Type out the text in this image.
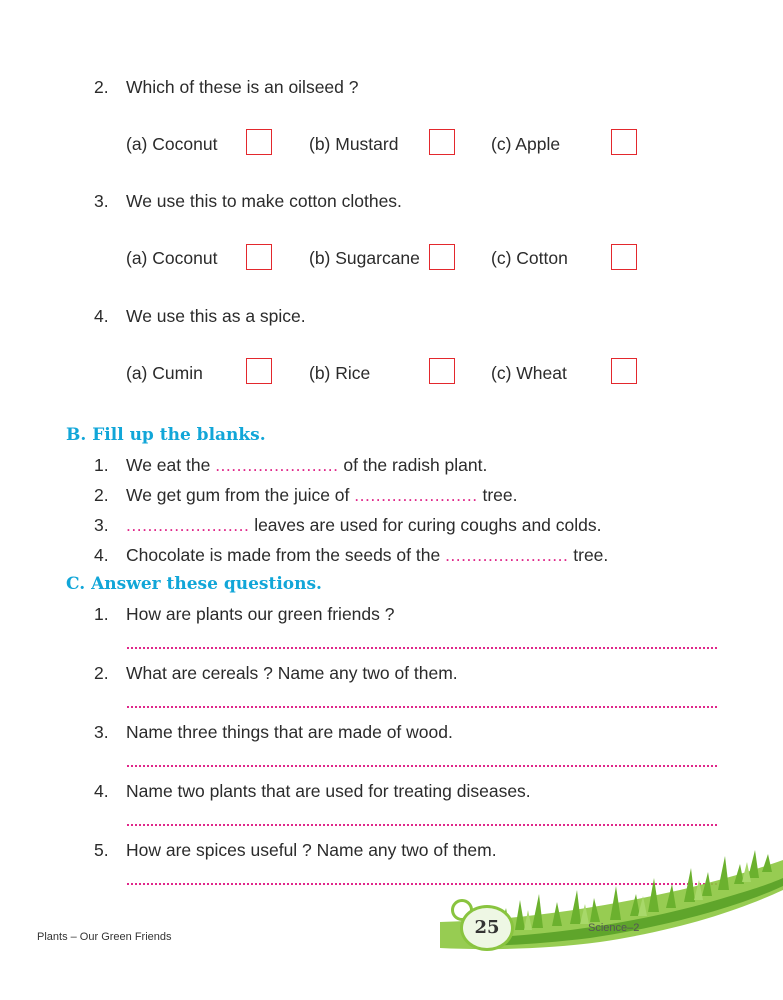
2. Which of these is an oilseed ?
(a) Coconut	(b) Mustard	(c) Apple
3. We use this to make cotton clothes.
(a) Coconut	(b) Sugarcane	(c) Cotton
4. We use this as a spice.
(a) Cumin	(b) Rice	(c) Wheat
B. Fill up the blanks.
1. We eat the ....................... of the radish plant.
2. We get gum from the juice of ....................... tree.
3. ....................... leaves are used for curing coughs and colds.
4. Chocolate is made from the seeds of the ....................... tree.
C. Answer these questions.
1. How are plants our green friends ?
2. What are cereals ? Name any two of them.
3. Name three things that are made of wood.
4. Name two plants that are used for treating diseases.
5. How are spices useful ? Name any two of them.
25
Plants – Our Green Friends
Science–2
